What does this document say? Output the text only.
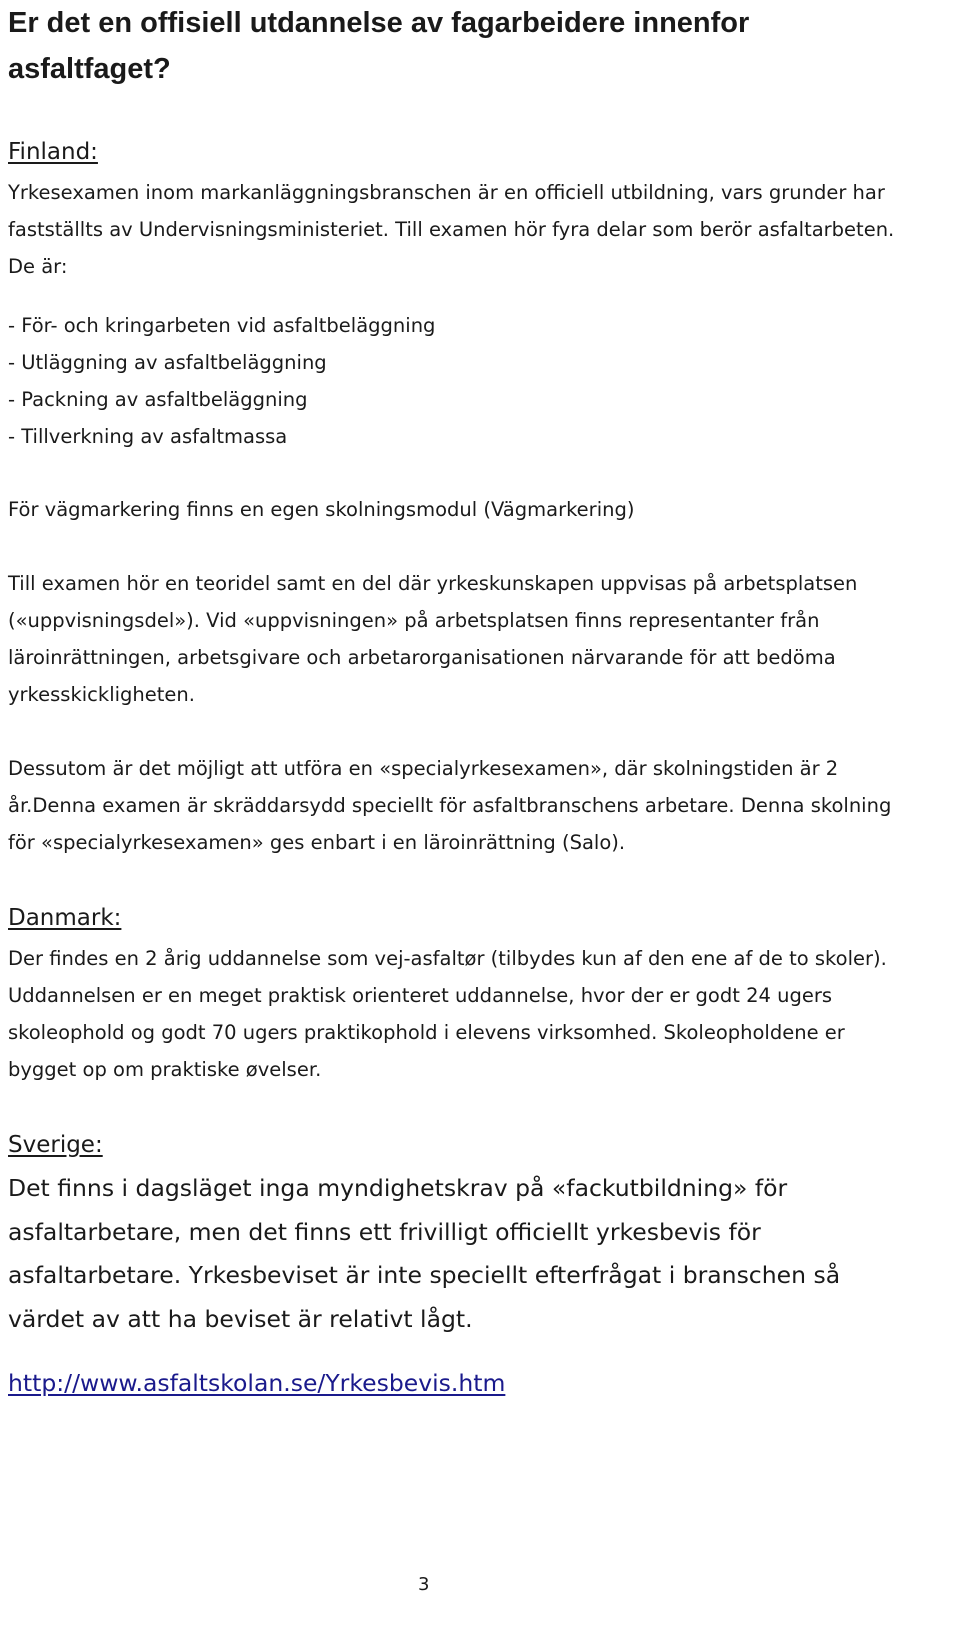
Er det en offisiell utdannelse av fagarbeidere innenfor asfaltfaget?
Finland:

Yrkesexamen inom markanläggningsbranschen är en officiell utbildning, vars grunder har fastställts av Undervisningsministeriet. Till examen hör fyra delar som berör asfaltarbeten. De är:

- För- och kringarbeten vid asfaltbeläggning
- Utläggning av asfaltbeläggning
- Packning av asfaltbeläggning
- Tillverkning av asfaltmassa

För vägmarkering finns en egen skolningsmodul (Vägmarkering)

Till examen hör en teoridel samt en del där yrkeskunskapen uppvisas på arbetsplatsen («uppvisningsdel»). Vid «uppvisningen» på arbetsplatsen finns representanter från läroinrättningen, arbetsgivare och arbetarorganisationen närvarande för att bedöma yrkesskickligheten.

Dessutom är det möjligt att utföra en «specialyrkesexamen», där skolningstiden är 2 år.Denna examen är skräddarsydd speciellt för asfaltbranschens arbetare. Denna skolning för «specialyrkesexamen» ges enbart i en läroinrättning (Salo).

Danmark:

Der findes en 2 årig uddannelse som vej-asfaltør (tilbydes kun af den ene af de to skoler). Uddannelsen er en meget praktisk orienteret uddannelse, hvor der er godt 24 ugers skoleophold og godt 70 ugers praktikophold i elevens virksomhed. Skoleopholdene er bygget op om praktiske øvelser.

Sverige:

Det finns i dagsläget inga myndighetskrav på «fackutbildning» för asfaltarbetare, men det finns ett frivilligt officiellt yrkesbevis för asfaltarbetare. Yrkesbeviset är inte speciellt efterfrågat i branschen så värdet av att ha beviset är relativt lågt.

http://www.asfaltskolan.se/Yrkesbevis.htm
3
